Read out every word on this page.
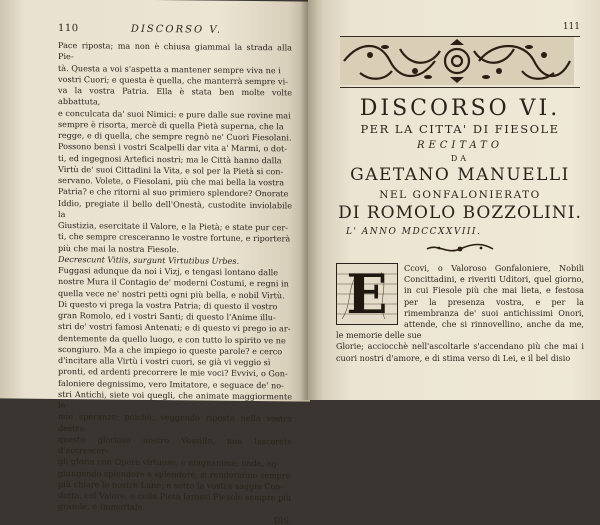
110	DISCORSO V.

Pace riposta; ma non è chiusa giammai la strada alla Pie-
tà. Questa a voi s'aspetta a mantener sempre viva ne i
vostri Cuori; e questa è quella, che manterrà sempre vi-
va la vostra Patria. Ella è stata ben molte volte abbattuta,
e conculcata da' suoi Nimici: e pure dalle sue rovine mai
sempre è risorta, mercè di quella Pietà superna, che la
regge, e di quella, che sempre regnò ne' Cuori Fiesolani.
Possono bensì i vostri Scalpelli dar vita a' Marmi, o dot-
ti, ed ingegnosi Artefici nostri; ma le Città hanno dalla
Virtù de' suoi Cittadini la Vita, e sol per la Pietà si con-
servano. Volete, o Fiesolani, più che mai bella la vostra
Patria? e che ritorni al suo primiero splendore? Onorate
Iddio, pregiate il bello dell'Onestà, custodite inviolabile la
Giustizia, esercitate il Valore, e la Pietà; e state pur cer-
ti, che sempre cresceranno le vostre fortune, e riporterà
più che mai la nostra Fiesole.

Decrescunt Vitiis, surgunt Virtutibus Urbes.

Fuggasi adunque da noi i Vizj, e tengasi lontano dalle
nostre Mura il Contagio de' moderni Costumi, e regni in
quella vece ne' nostri petti ogni più bella, e nobil Virtù.
Di questo vi prega la vostra Patria; di questo il vostro
gran Romolo, ed i vostri Santi; di questo l'Anime illu-
stri de' vostri famosi Antenati; e di questo vi prego io ar-
dentemente da quello luogo, e con tutto lo spirito ve ne
scongiuro. Ma a che impiego io queste parole? e cerco
d'incitare alla Virtù i vostri cuori, se già vi veggio sì
pronti, ed ardenti precorrere le mie voci? Evvivi, o Gon-
faloniere degnissimo, vero Imitatore, e seguace de' no-
stri Antichi, siete voi quegli, che animate maggiormente le
mie speranze; poichè, veggendo riposto nella vostra destra
questo glorioso nostro Vessillo, non lascerete d'accrescer-
gli gloria con Opere virtuose, e magnanime; onde, ag-
giungendo splendore a splendore, si renderanno sempre
più chiare le nostre Lune; e sotto la vostra saggia Con-
dotta, col Valore, e colla Pietà farassi Fiesole sempre più
grande, e Immortale.

DIS-
111
DISCORSO VI.
PER LA CITTA' DI FIESOLE
RECITATO
DA
GAETANO MANUELLI
NEL GONFALONIERATO
DI ROMOLO BOZZOLINI.
L' ANNO MDCCXXVIII.
E	Ccovi, o Valoroso Gonfaloniere, Nobili Concittadini, e riveriti Uditori, quel giorno, in cui Fiesole più che mai lieta, e festosa per la presenza vostra, e per la rimembranza de' suoi antichissimi Onori, attende, che si rinnovellino, anche da me, le memorie delle sue
Glorie; acciocchè nell'ascoltarle s'accendano più che mai i cuori nostri d'amore, e di stima verso di Lei, e il bel disio
